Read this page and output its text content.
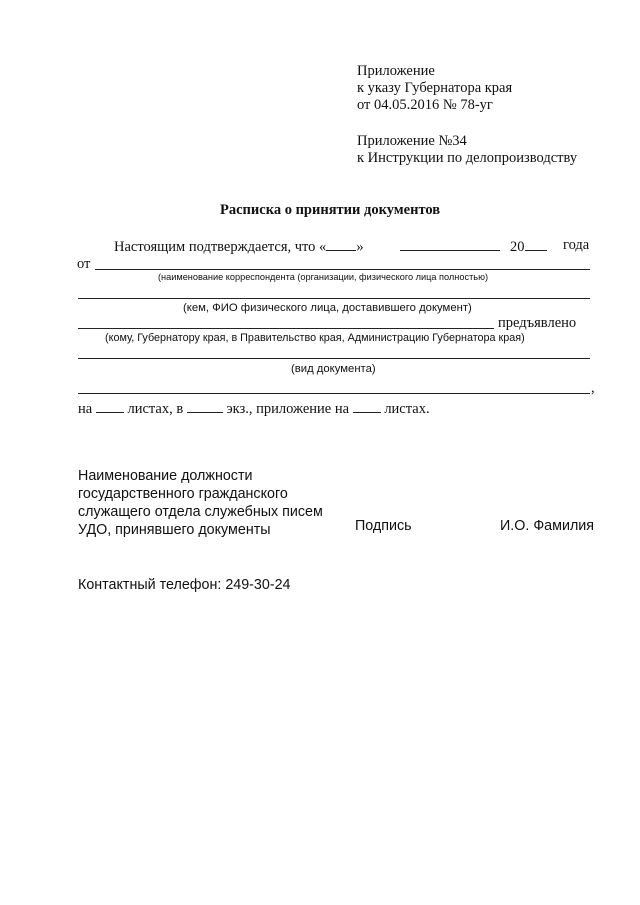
Приложение
к указу Губернатора края
от 04.05.2016 № 78-уг
Приложение №34
к Инструкции по делопроизводству
Расписка о принятии документов
Настоящим подтверждается, что « »	20	года
от
(наименование корреспондента (организации, физического лица полностью)
(кем, ФИО физического лица, доставившего документ)
предъявлено
(кому, Губернатору края, в Правительство края, Администрацию Губернатора края)
(вид документа)
,
на листах, в	экз., приложение на листах.
Наименование должности
государственного гражданского
служащего отдела служебных писем
УДО, принявшего документы	Подпись	И.О. Фамилия
Контактный телефон: 249-30-24
